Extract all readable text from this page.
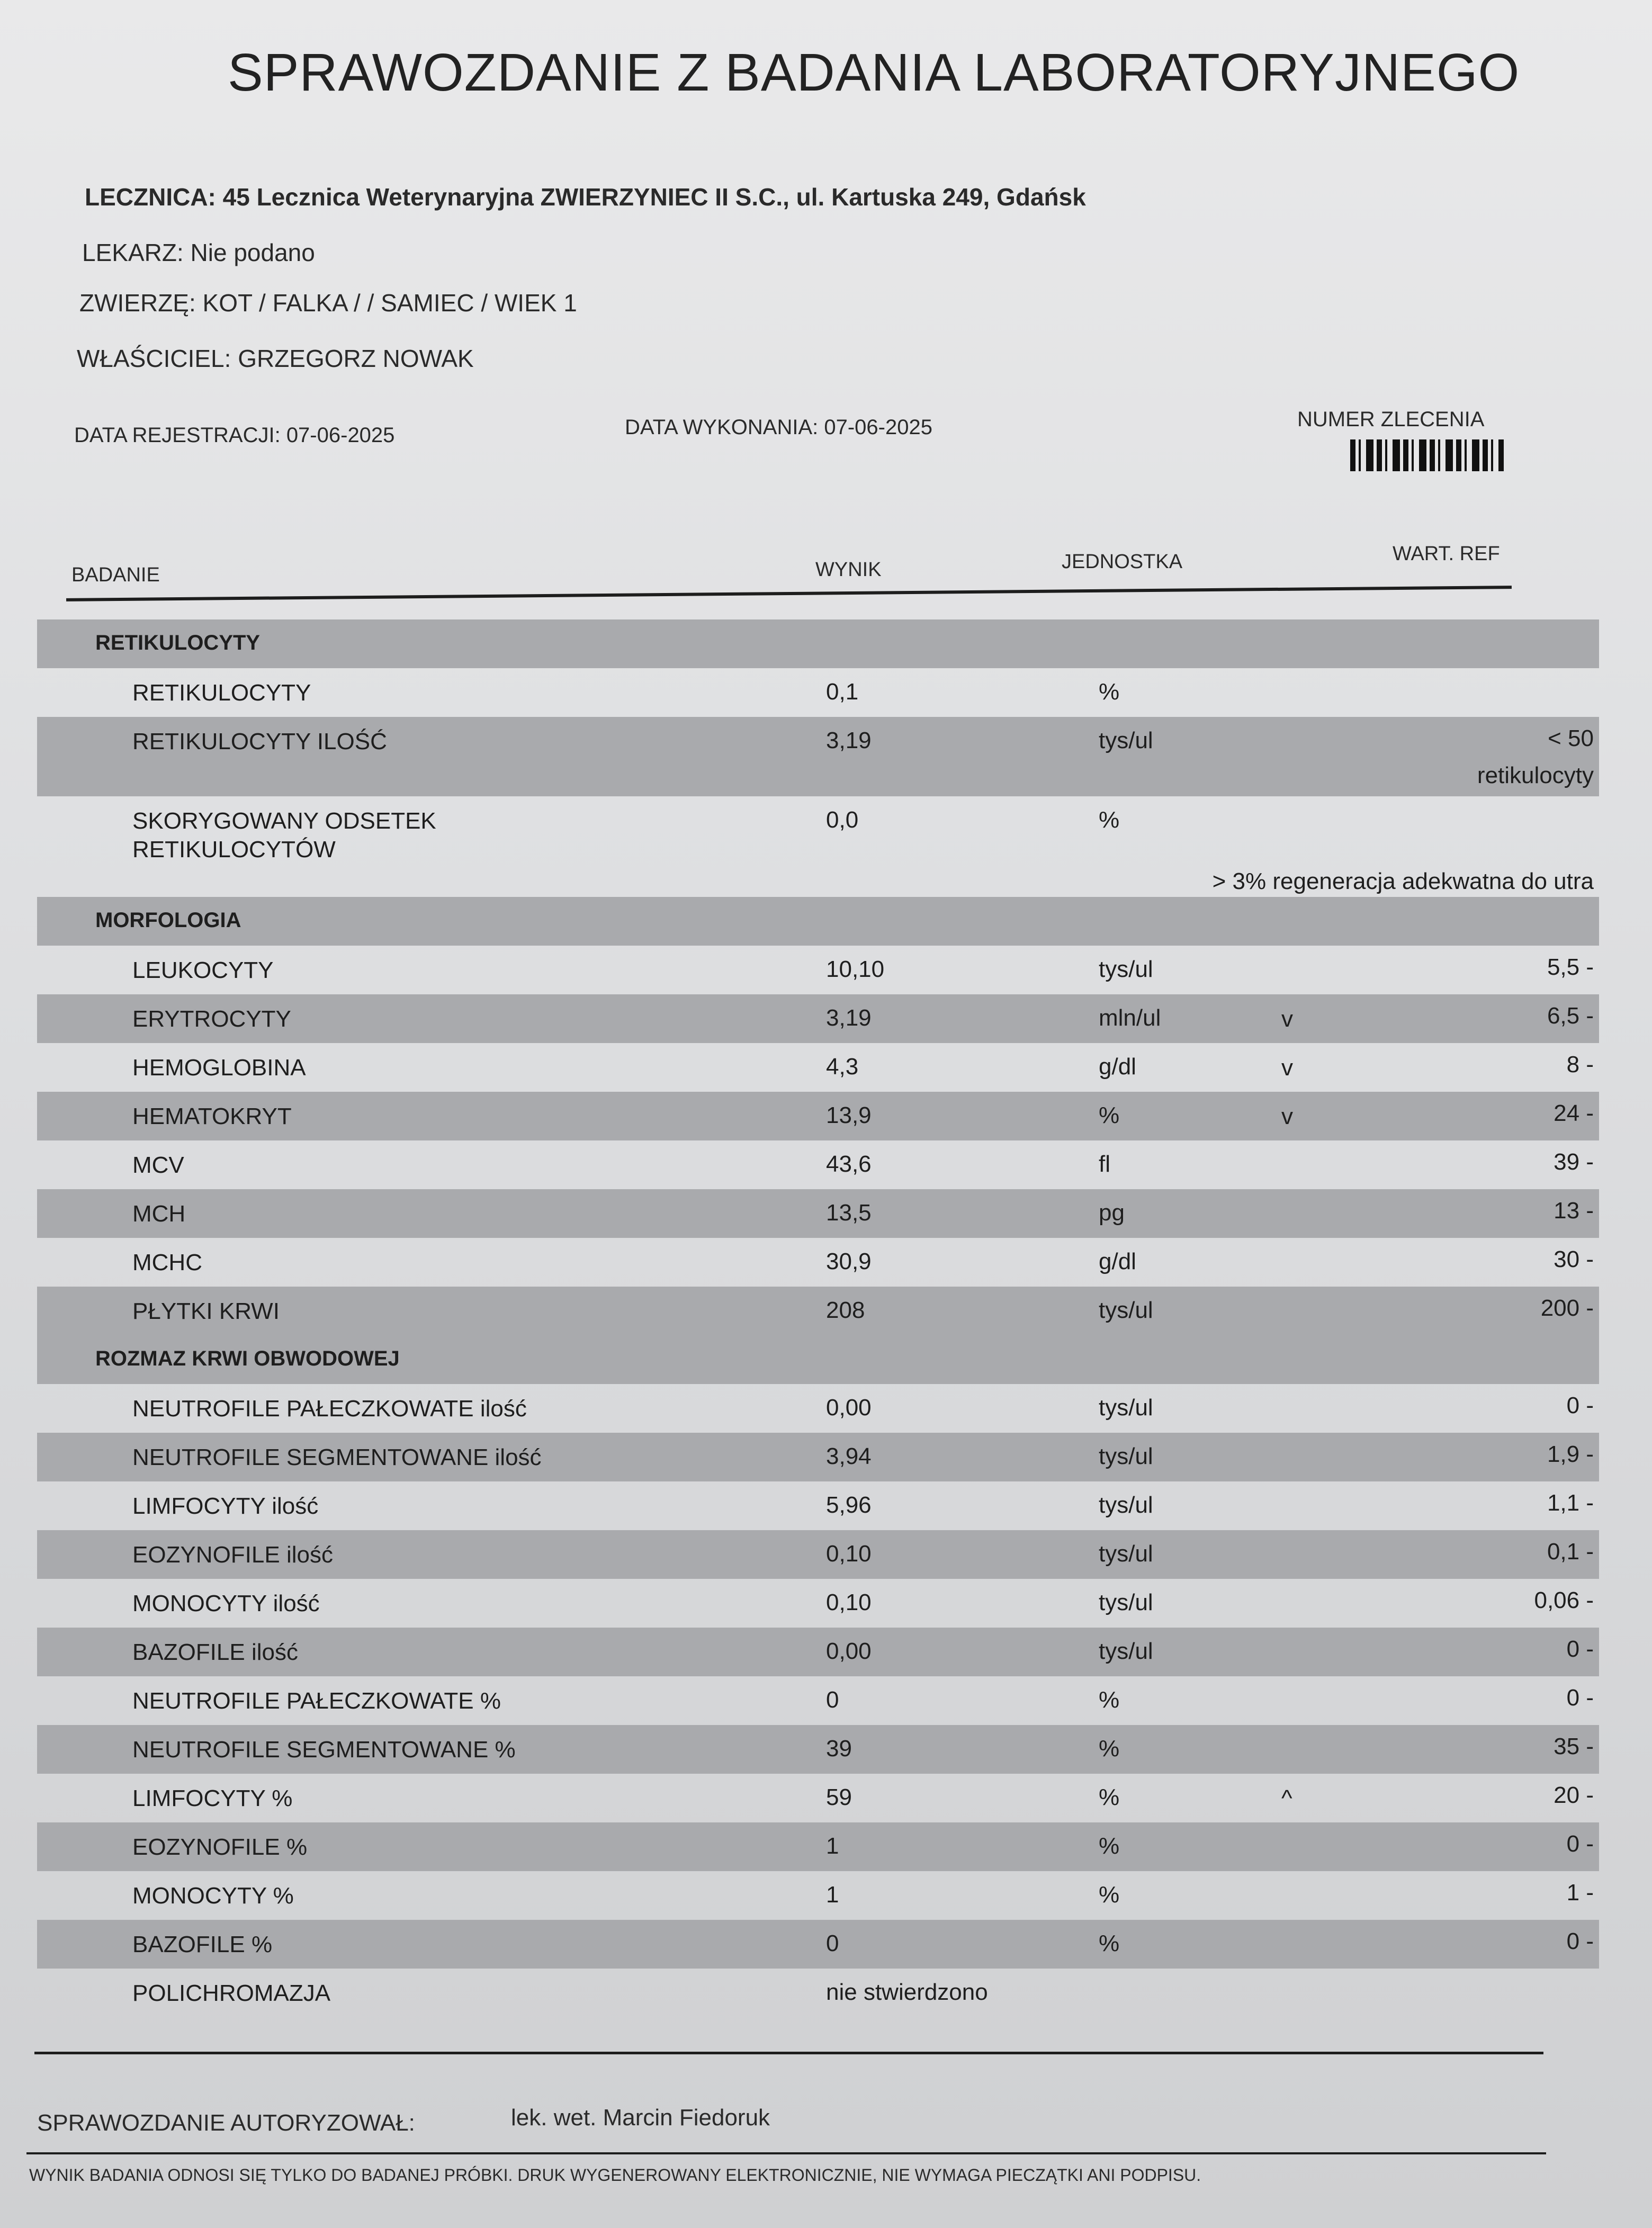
SPRAWOZDANIE Z BADANIA LABORATORYJNEGO
LECZNICA: 45 Lecznica Weterynaryjna ZWIERZYNIEC II S.C., ul. Kartuska 249, Gdańsk
LEKARZ: Nie podano
ZWIERZĘ: KOT / FALKA / / SAMIEC / WIEK 1
WŁAŚCICIEL: GRZEGORZ NOWAK
DATA REJESTRACJI: 07-06-2025	DATA WYKONANIA: 07-06-2025	NUMER ZLECENIA
BADANIE	WYNIK	JEDNOSTKA	WART. REF
RETIKULOCYTY
RETIKULOCYTY	0,1	%
RETIKULOCYTY ILOŚĆ	3,19	tys/ul	< 50
retikulocyty
SKORYGOWANY ODSETEK
RETIKULOCYTÓW
0,0	%
> 3% regeneracja adekwatna do utra
MORFOLOGIA
LEUKOCYTY	10,10	tys/ul	5,5 -
ERYTROCYTY	3,19	mln/ul	v	6,5 -
HEMOGLOBINA	4,3	g/dl	v	8 -
HEMATOKRYT	13,9	%	v	24 -
MCV	43,6	fl	39 -
MCH	13,5	pg	13 -
MCHC	30,9	g/dl	30 -
PŁYTKI KRWI	208	tys/ul	200 -
ROZMAZ KRWI OBWODOWEJ
NEUTROFILE PAŁECZKOWATE ilość	0,00	tys/ul	0 -
NEUTROFILE SEGMENTOWANE ilość	3,94	tys/ul	1,9 -
LIMFOCYTY ilość	5,96	tys/ul	1,1 -
EOZYNOFILE ilość	0,10	tys/ul	0,1 -
MONOCYTY ilość	0,10	tys/ul	0,06 -
BAZOFILE ilość	0,00	tys/ul	0 -
NEUTROFILE PAŁECZKOWATE %	0	%	0 -
NEUTROFILE SEGMENTOWANE %	39	%	35 -
LIMFOCYTY %	59	%	^	20 -
EOZYNOFILE %	1	%	0 -
MONOCYTY %	1	%	1 -
BAZOFILE %	0	%	0 -
POLICHROMAZJA	nie stwierdzono
SPRAWOZDANIE AUTORYZOWAŁ:	lek. wet. Marcin Fiedoruk
WYNIK BADANIA ODNOSI SIĘ TYLKO DO BADANEJ PRÓBKI. DRUK WYGENEROWANY ELEKTRONICZNIE, NIE WYMAGA PIECZĄTKI ANI PODPISU.
